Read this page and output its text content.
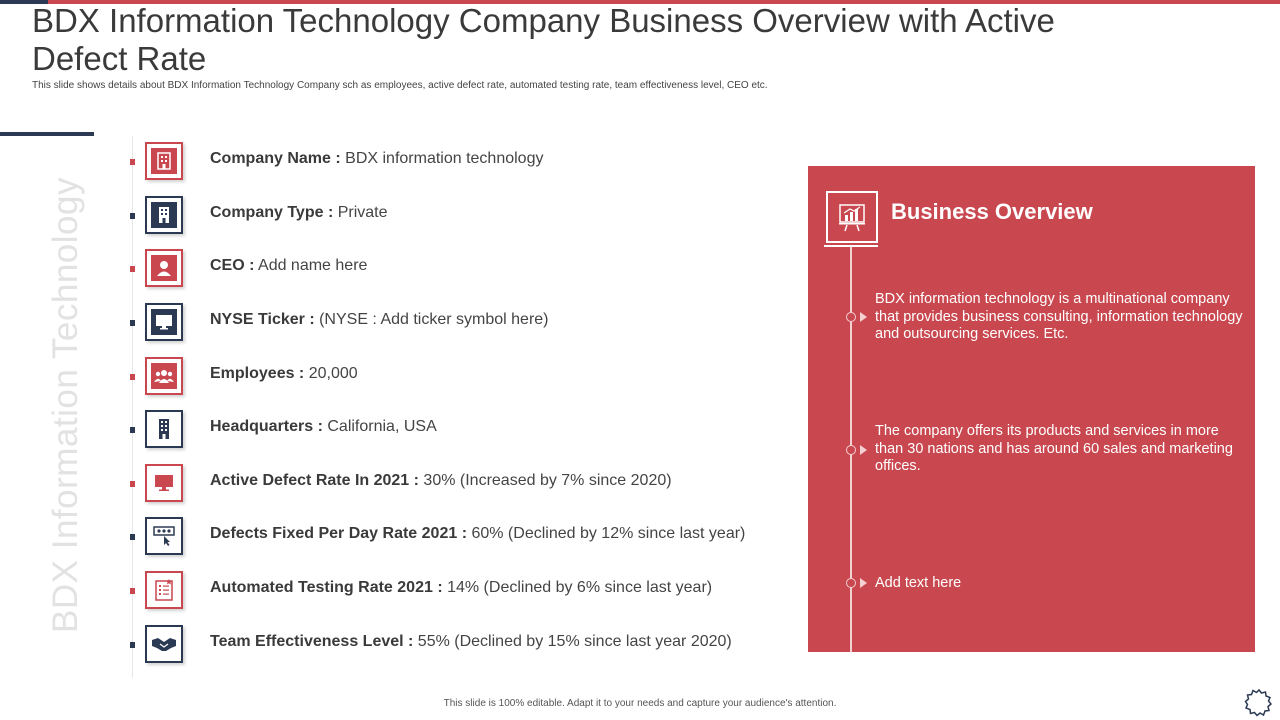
BDX Information Technology Company Business Overview with Active Defect Rate
This slide shows details about BDX Information Technology Company sch as employees, active defect rate, automated testing rate, team effectiveness level, CEO etc.
BDX Information Technology
Company Name : BDX information technology
Company Type : Private
CEO : Add name here
NYSE Ticker : (NYSE : Add ticker symbol here)
Employees : 20,000
Headquarters : California, USA
Active Defect Rate In 2021 : 30% (Increased by 7% since 2020)
Defects Fixed Per Day Rate 2021 : 60% (Declined by 12% since last year)
Automated Testing Rate 2021 : 14% (Declined by 6% since last year)
Team Effectiveness Level : 55% (Declined by 15% since last year 2020)
Business Overview
BDX information technology is a multinational company that provides business consulting, information technology and outsourcing services. Etc.
The company offers its products and services in more than 30 nations and has around 60 sales and marketing offices.
Add text here
This slide is 100% editable. Adapt it to your needs and capture your audience's attention.
